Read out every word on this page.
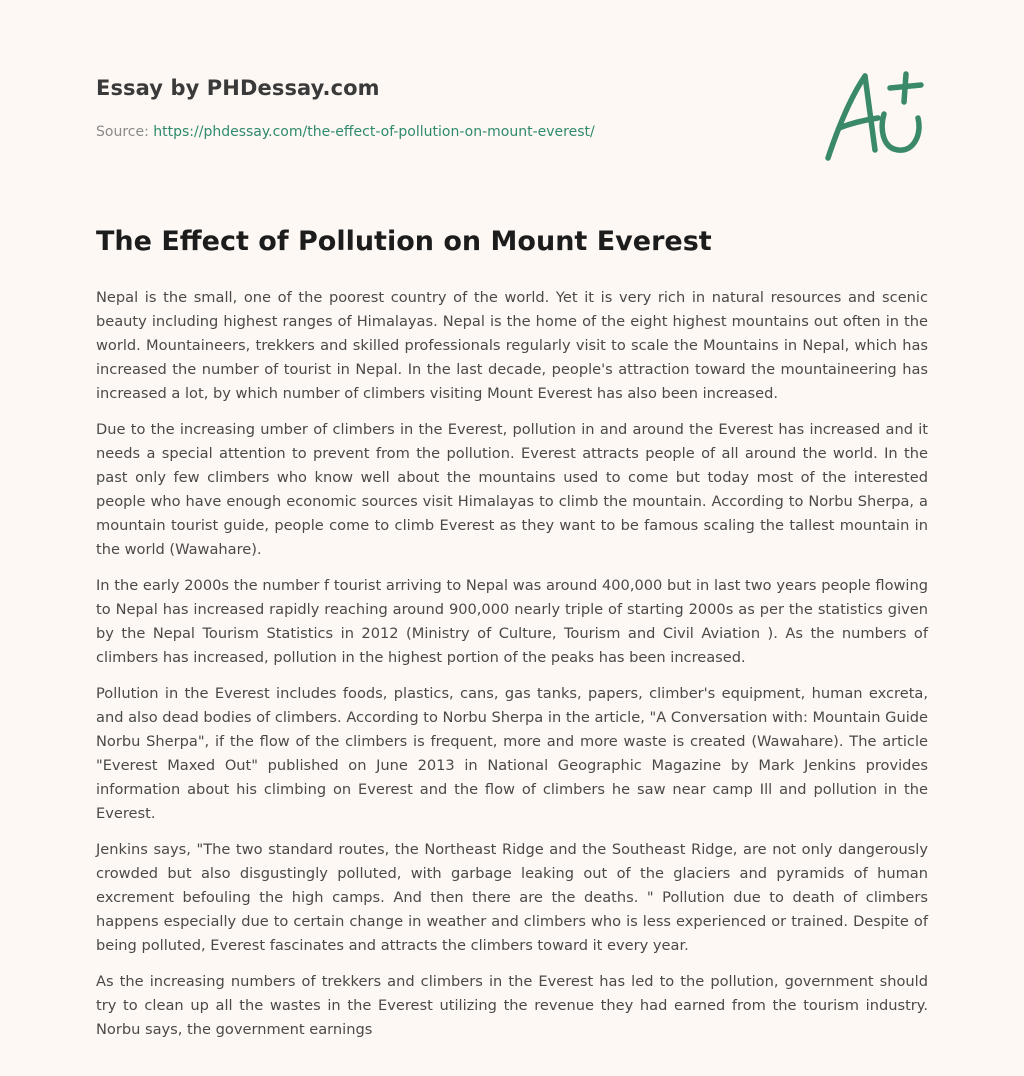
Essay by PHDessay.com
Source: https://phdessay.com/the-effect-of-pollution-on-mount-everest/
The Effect of Pollution on Mount Everest

Nepal is the small, one of the poorest country of the world. Yet it is very rich in natural resources and scenic beauty including highest ranges of Himalayas. Nepal is the home of the eight highest mountains out often in the world. Mountaineers, trekkers and skilled professionals regularly visit to scale the Mountains in Nepal, which has increased the number of tourist in Nepal. In the last decade, people's attraction toward the mountaineering has increased a lot, by which number of climbers visiting Mount Everest has also been increased.

Due to the increasing umber of climbers in the Everest, pollution in and around the Everest has increased and it needs a special attention to prevent from the pollution. Everest attracts people of all around the world. In the past only few climbers who know well about the mountains used to come but today most of the interested people who have enough economic sources visit Himalayas to climb the mountain. According to Norbu Sherpa, a mountain tourist guide, people come to climb Everest as they want to be famous scaling the tallest mountain in the world (Wawahare).

In the early 2000s the number f tourist arriving to Nepal was around 400,000 but in last two years people flowing to Nepal has increased rapidly reaching around 900,000 nearly triple of starting 2000s as per the statistics given by the Nepal Tourism Statistics in 2012 (Ministry of Culture, Tourism and Civil Aviation ). As the numbers of climbers has increased, pollution in the highest portion of the peaks has been increased.

Pollution in the Everest includes foods, plastics, cans, gas tanks, papers, climber's equipment, human excreta, and also dead bodies of climbers. According to Norbu Sherpa in the article, "A Conversation with: Mountain Guide Norbu Sherpa", if the flow of the climbers is frequent, more and more waste is created (Wawahare). The article "Everest Maxed Out" published on June 2013 in National Geographic Magazine by Mark Jenkins provides information about his climbing on Everest and the flow of climbers he saw near camp Ill and pollution in the Everest.

Jenkins says, "The two standard routes, the Northeast Ridge and the Southeast Ridge, are not only dangerously crowded but also disgustingly polluted, with garbage leaking out of the glaciers and pyramids of human excrement befouling the high camps. And then there are the deaths. " Pollution due to death of climbers happens especially due to certain change in weather and climbers who is less experienced or trained. Despite of being polluted, Everest fascinates and attracts the climbers toward it every year.

As the increasing numbers of trekkers and climbers in the Everest has led to the pollution, government should try to clean up all the wastes in the Everest utilizing the revenue they had earned from the tourism industry. Norbu says, the government earnings
